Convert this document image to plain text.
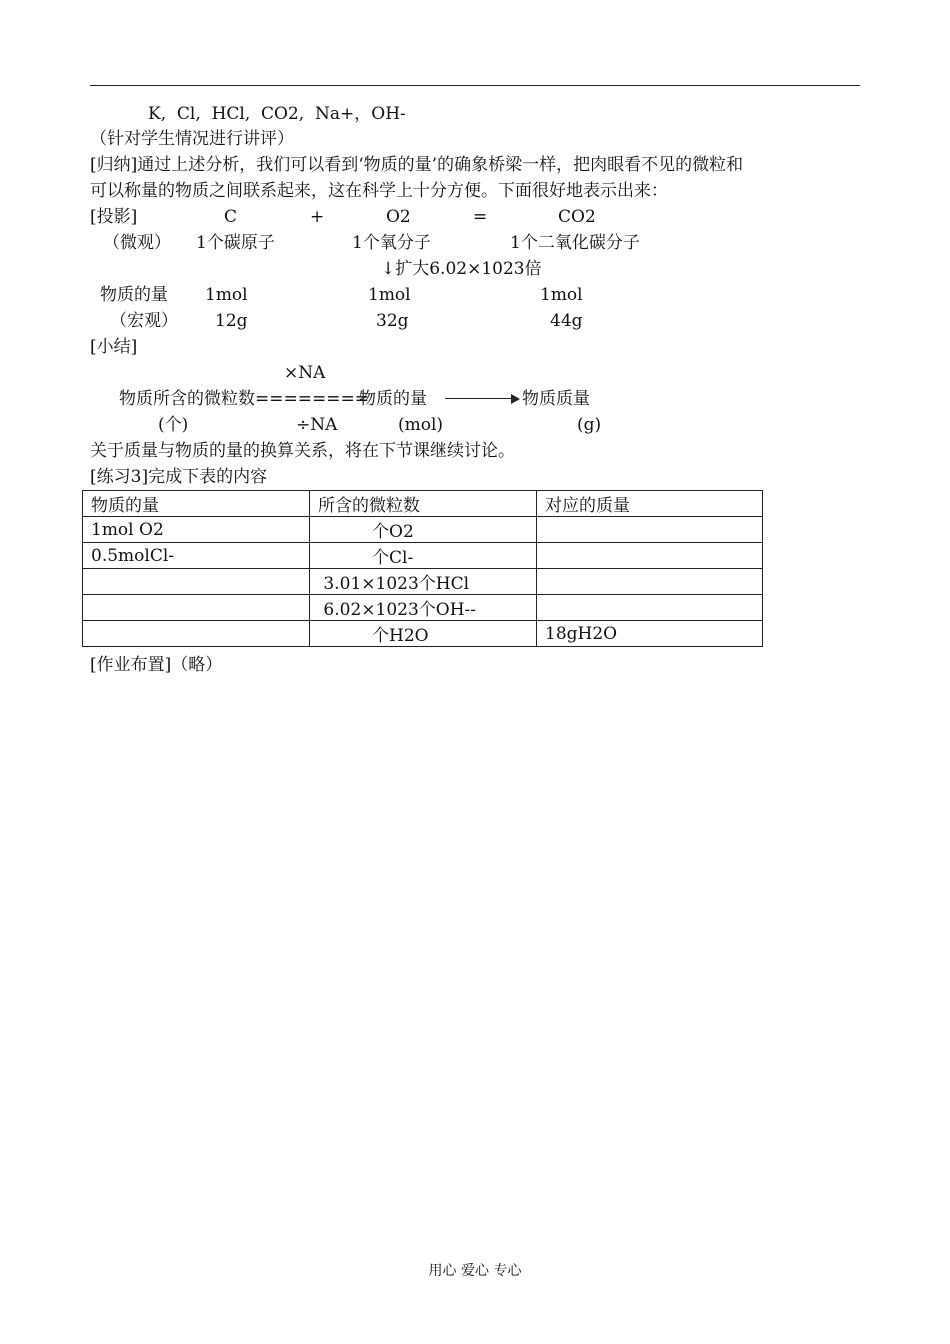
K,  Cl,  HCl,  CO2,  Na+，OH-
（针对学生情况进行讲评）
[归纳]通过上述分析，我们可以看到‘物质的量’的确象桥梁一样，把肉眼看不见的微粒和
可以称量的物质之间联系起来，这在科学上十分方便。下面很好地表示出来：
[投影]	C	+	O2	=	CO2
（微观） 1个碳原子	1个氧分子	1个二氧化碳分子
↓扩大6.02×1023倍
物质的量 1mol	1mol	1mol
（宏观） 12g	32g	44g
[小结]
×NA
物质所含的微粒数========
物质的量	物质质量
(个)	÷NA	(mol)	(g)
关于质量与物质的量的换算关系，将在下节课继续讨论。
[练习3]完成下表的内容
物质的量	所含的微粒数	对应的质量
1mol O2	个O2	
0.5molCl-	个Cl-	
	3.01×1023个HCl	
	6.02×1023个OH--	
	个H2O	18gH2O
[作业布置]（略）
用心 爱心 专心
